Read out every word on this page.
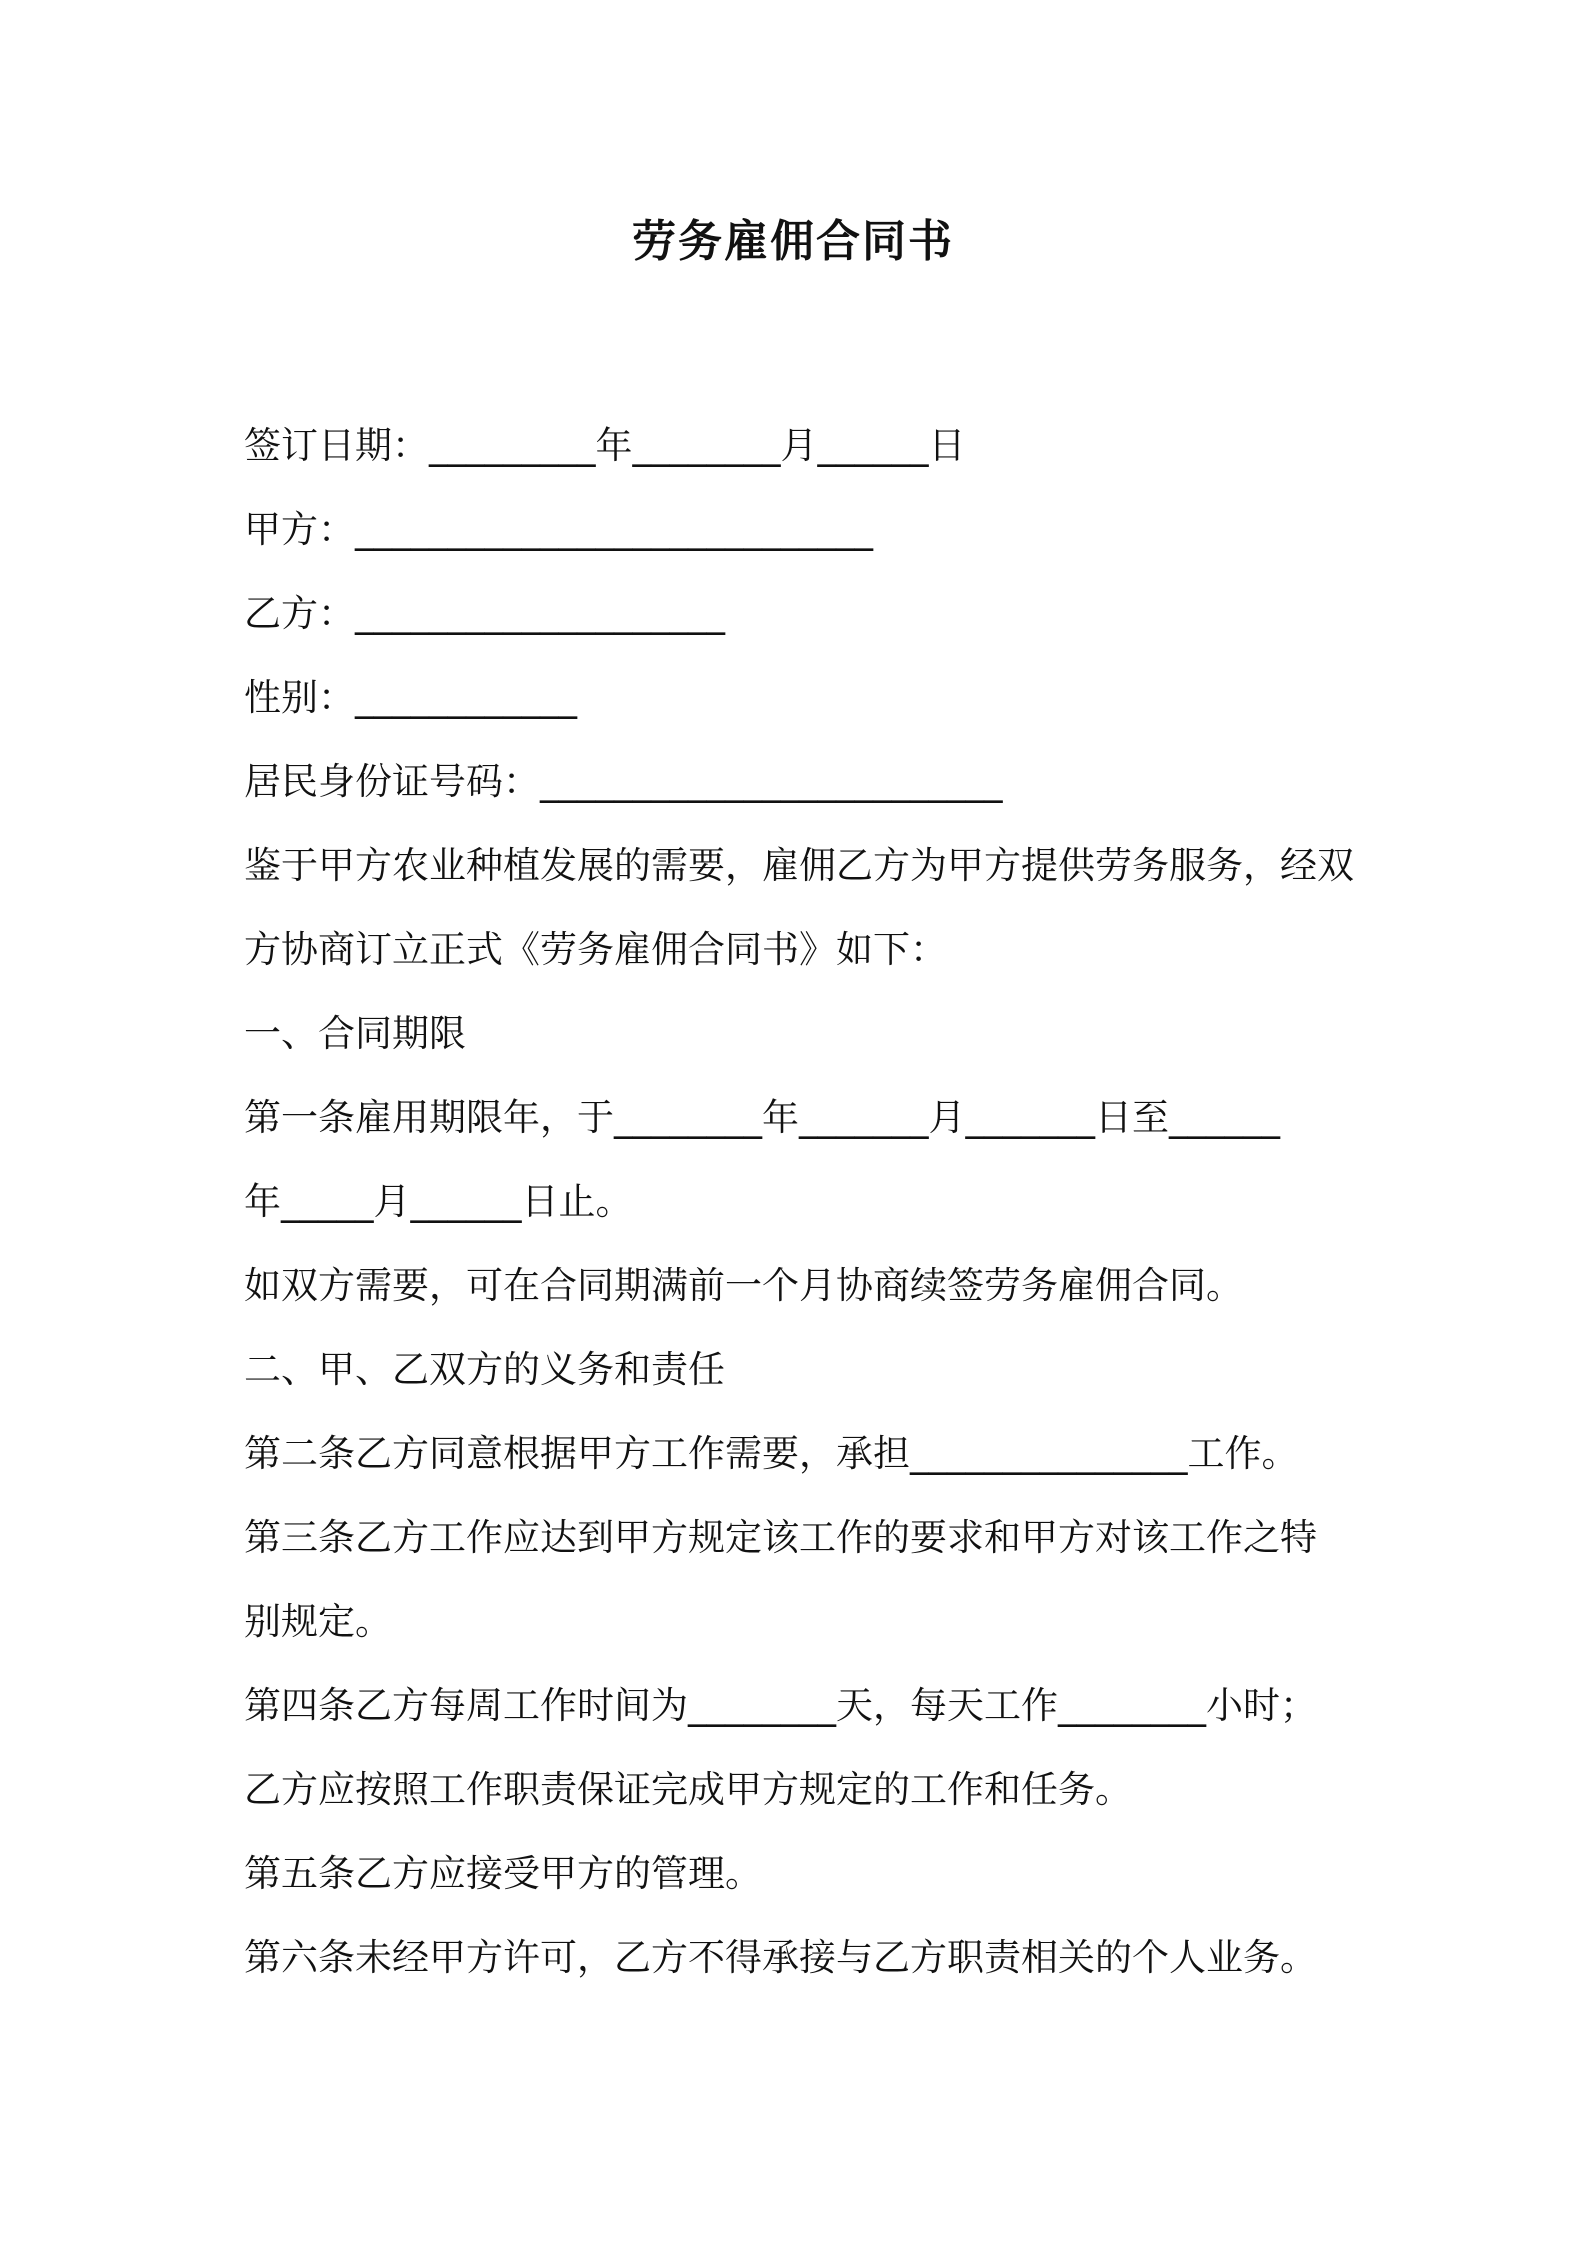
劳务雇佣合同书
签订日期：_________年________月______日
甲方：____________________________
乙方：____________________
性别：____________
居民身份证号码：_________________________
鉴于甲方农业种植发展的需要，雇佣乙方为甲方提供劳务服务，经双
方协商订立正式《劳务雇佣合同书》如下：
一、合同期限
第一条雇用期限年，于________年_______月_______日至______
年_____月______日止。
如双方需要，可在合同期满前一个月协商续签劳务雇佣合同。
二、甲、乙双方的义务和责任
第二条乙方同意根据甲方工作需要，承担_______________工作。
第三条乙方工作应达到甲方规定该工作的要求和甲方对该工作之特
别规定。
第四条乙方每周工作时间为________天，每天工作________小时；
乙方应按照工作职责保证完成甲方规定的工作和任务。
第五条乙方应接受甲方的管理。
第六条未经甲方许可，乙方不得承接与乙方职责相关的个人业务。
